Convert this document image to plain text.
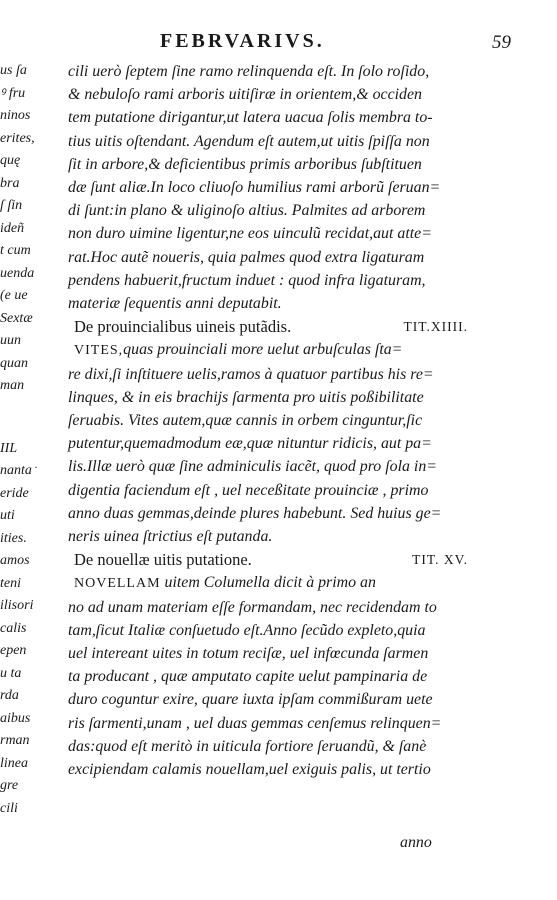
us ſa
ꝰ fru
ninos
erites,
quę
bra
ſ ſin
ideñ
t cum
uenda
(e ue
Sextæ
uun
quan
man
IIL
nanta
eride
uti
ities.
amos
teni
ilisori
calis
epen
u ta
rda
aibus
rman
linea
gre
cili
FEBRVARIVS.	59
cili uerò ſeptem ſine ramo relinquenda eſt. In ſolo roſido,
& nebuloſo rami arboris uitiſiræ in orientem,& occiden
tem putatione dirigantur,ut latera uacua ſolis membra to-
tius uitis oſtendant. Agendum eſt autem,ut uitis ſpiſſa non
ſit in arbore,& deficientibus primis arboribus ſubſtituen
dæ ſunt aliæ.In loco cliuoſo humilius rami arborũ ſeruan=
di ſunt:in plano & uliginoſo altius. Palmites ad arborem
non duro uimine ligentur,ne eos uinculũ recidat,aut atte=
rat.Hoc autẽ noueris, quia palmes quod extra ligaturam
pendens habuerit,fructum induet : quod infra ligaturam,
materiæ ſequentis anni deputabit.
De prouincialibus uineis putãdis.	TIT.XIIII.
VITES,quas prouinciali more uelut arbuſculas ſta=
re dixi,ſi inſtituere uelis,ramos à quatuor partibus his re=
linques, & in eis brachijs ſarmenta pro uitis poßibilitate
ſeruabis. Vites autem,quæ cannis in orbem cinguntur,ſic
putentur,quemadmodum eæ,quæ nituntur ridicis, aut pa=
lis.Illæ uerò quæ ſine adminiculis iacẽt, quod pro ſola in=
digentia faciendum eſt , uel neceßitate prouinciæ , primo
anno duas gemmas,deinde plures habebunt. Sed huius ge=
neris uinea ſtrictius eſt putanda.
De nouellæ uitis putatione.	TIT. XV.
NOVELLAM uitem Columella dicit à primo an
no ad unam materiam eſſe formandam, nec recidendam to
tam,ſicut Italiæ conſuetudo eſt.Anno ſecũdo expleto,quia
uel intereant uites in totum reciſæ, uel infœcunda ſarmen
ta producant , quæ amputato capite uelut pampinaria de
duro coguntur exire, quare iuxta ipſam commißuram uete
ris ſarmenti,unam , uel duas gemmas cenſemus relinquen=
das:quod eſt meritò in uiticula fortiore ſeruandũ, & ſanè
excipiendam calamis nouellam,uel exiguis palis, ut tertio
anno
·
